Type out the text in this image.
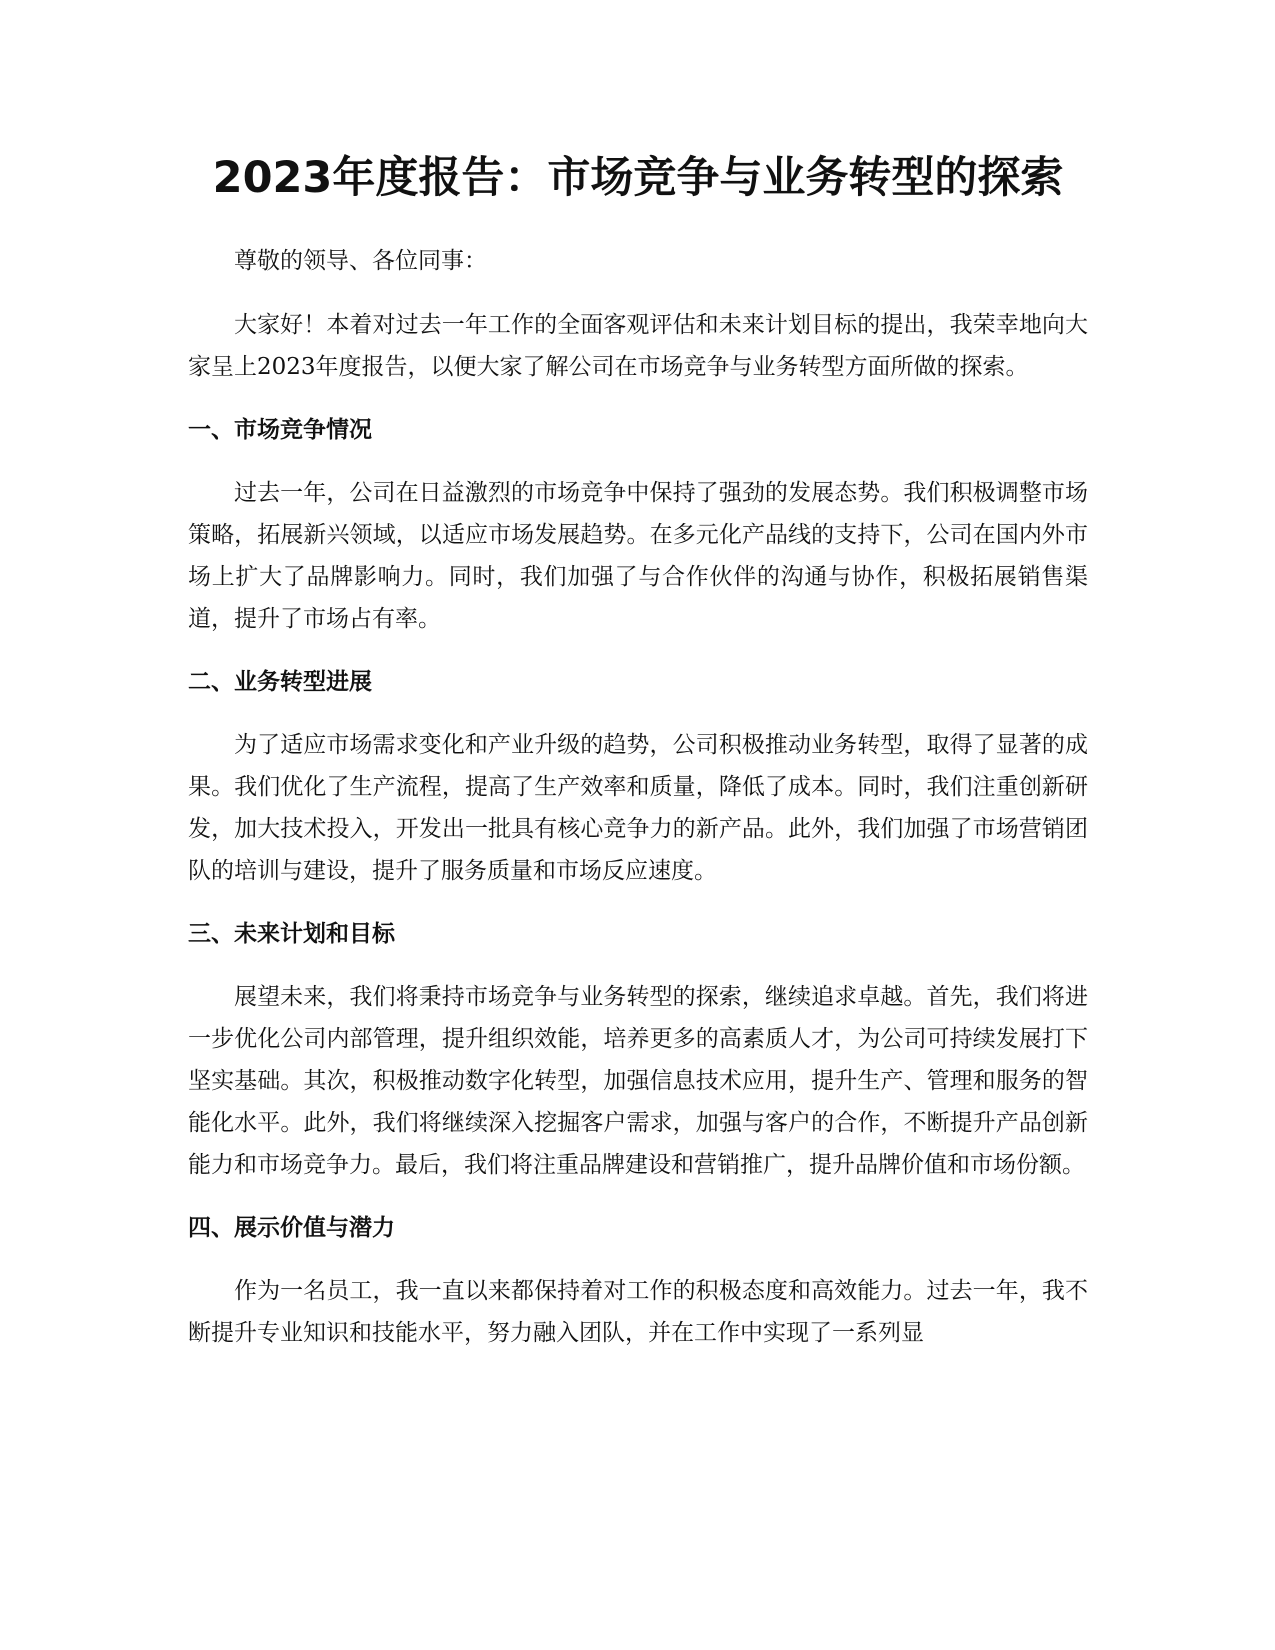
2023年度报告：市场竞争与业务转型的探索

尊敬的领导、各位同事：

大家好！本着对过去一年工作的全面客观评估和未来计划目标的提出，我荣幸地向大家呈上2023年度报告，以便大家了解公司在市场竞争与业务转型方面所做的探索。

一、市场竞争情况

过去一年，公司在日益激烈的市场竞争中保持了强劲的发展态势。我们积极调整市场策略，拓展新兴领域，以适应市场发展趋势。在多元化产品线的支持下，公司在国内外市场上扩大了品牌影响力。同时，我们加强了与合作伙伴的沟通与协作，积极拓展销售渠道，提升了市场占有率。

二、业务转型进展

为了适应市场需求变化和产业升级的趋势，公司积极推动业务转型，取得了显著的成果。我们优化了生产流程，提高了生产效率和质量，降低了成本。同时，我们注重创新研发，加大技术投入，开发出一批具有核心竞争力的新产品。此外，我们加强了市场营销团队的培训与建设，提升了服务质量和市场反应速度。

三、未来计划和目标

展望未来，我们将秉持市场竞争与业务转型的探索，继续追求卓越。首先，我们将进一步优化公司内部管理，提升组织效能，培养更多的高素质人才，为公司可持续发展打下坚实基础。其次，积极推动数字化转型，加强信息技术应用，提升生产、管理和服务的智能化水平。此外，我们将继续深入挖掘客户需求，加强与客户的合作，不断提升产品创新能力和市场竞争力。最后，我们将注重品牌建设和营销推广，提升品牌价值和市场份额。

四、展示价值与潜力

作为一名员工，我一直以来都保持着对工作的积极态度和高效能力。过去一年，我不断提升专业知识和技能水平，努力融入团队，并在工作中实现了一系列显
